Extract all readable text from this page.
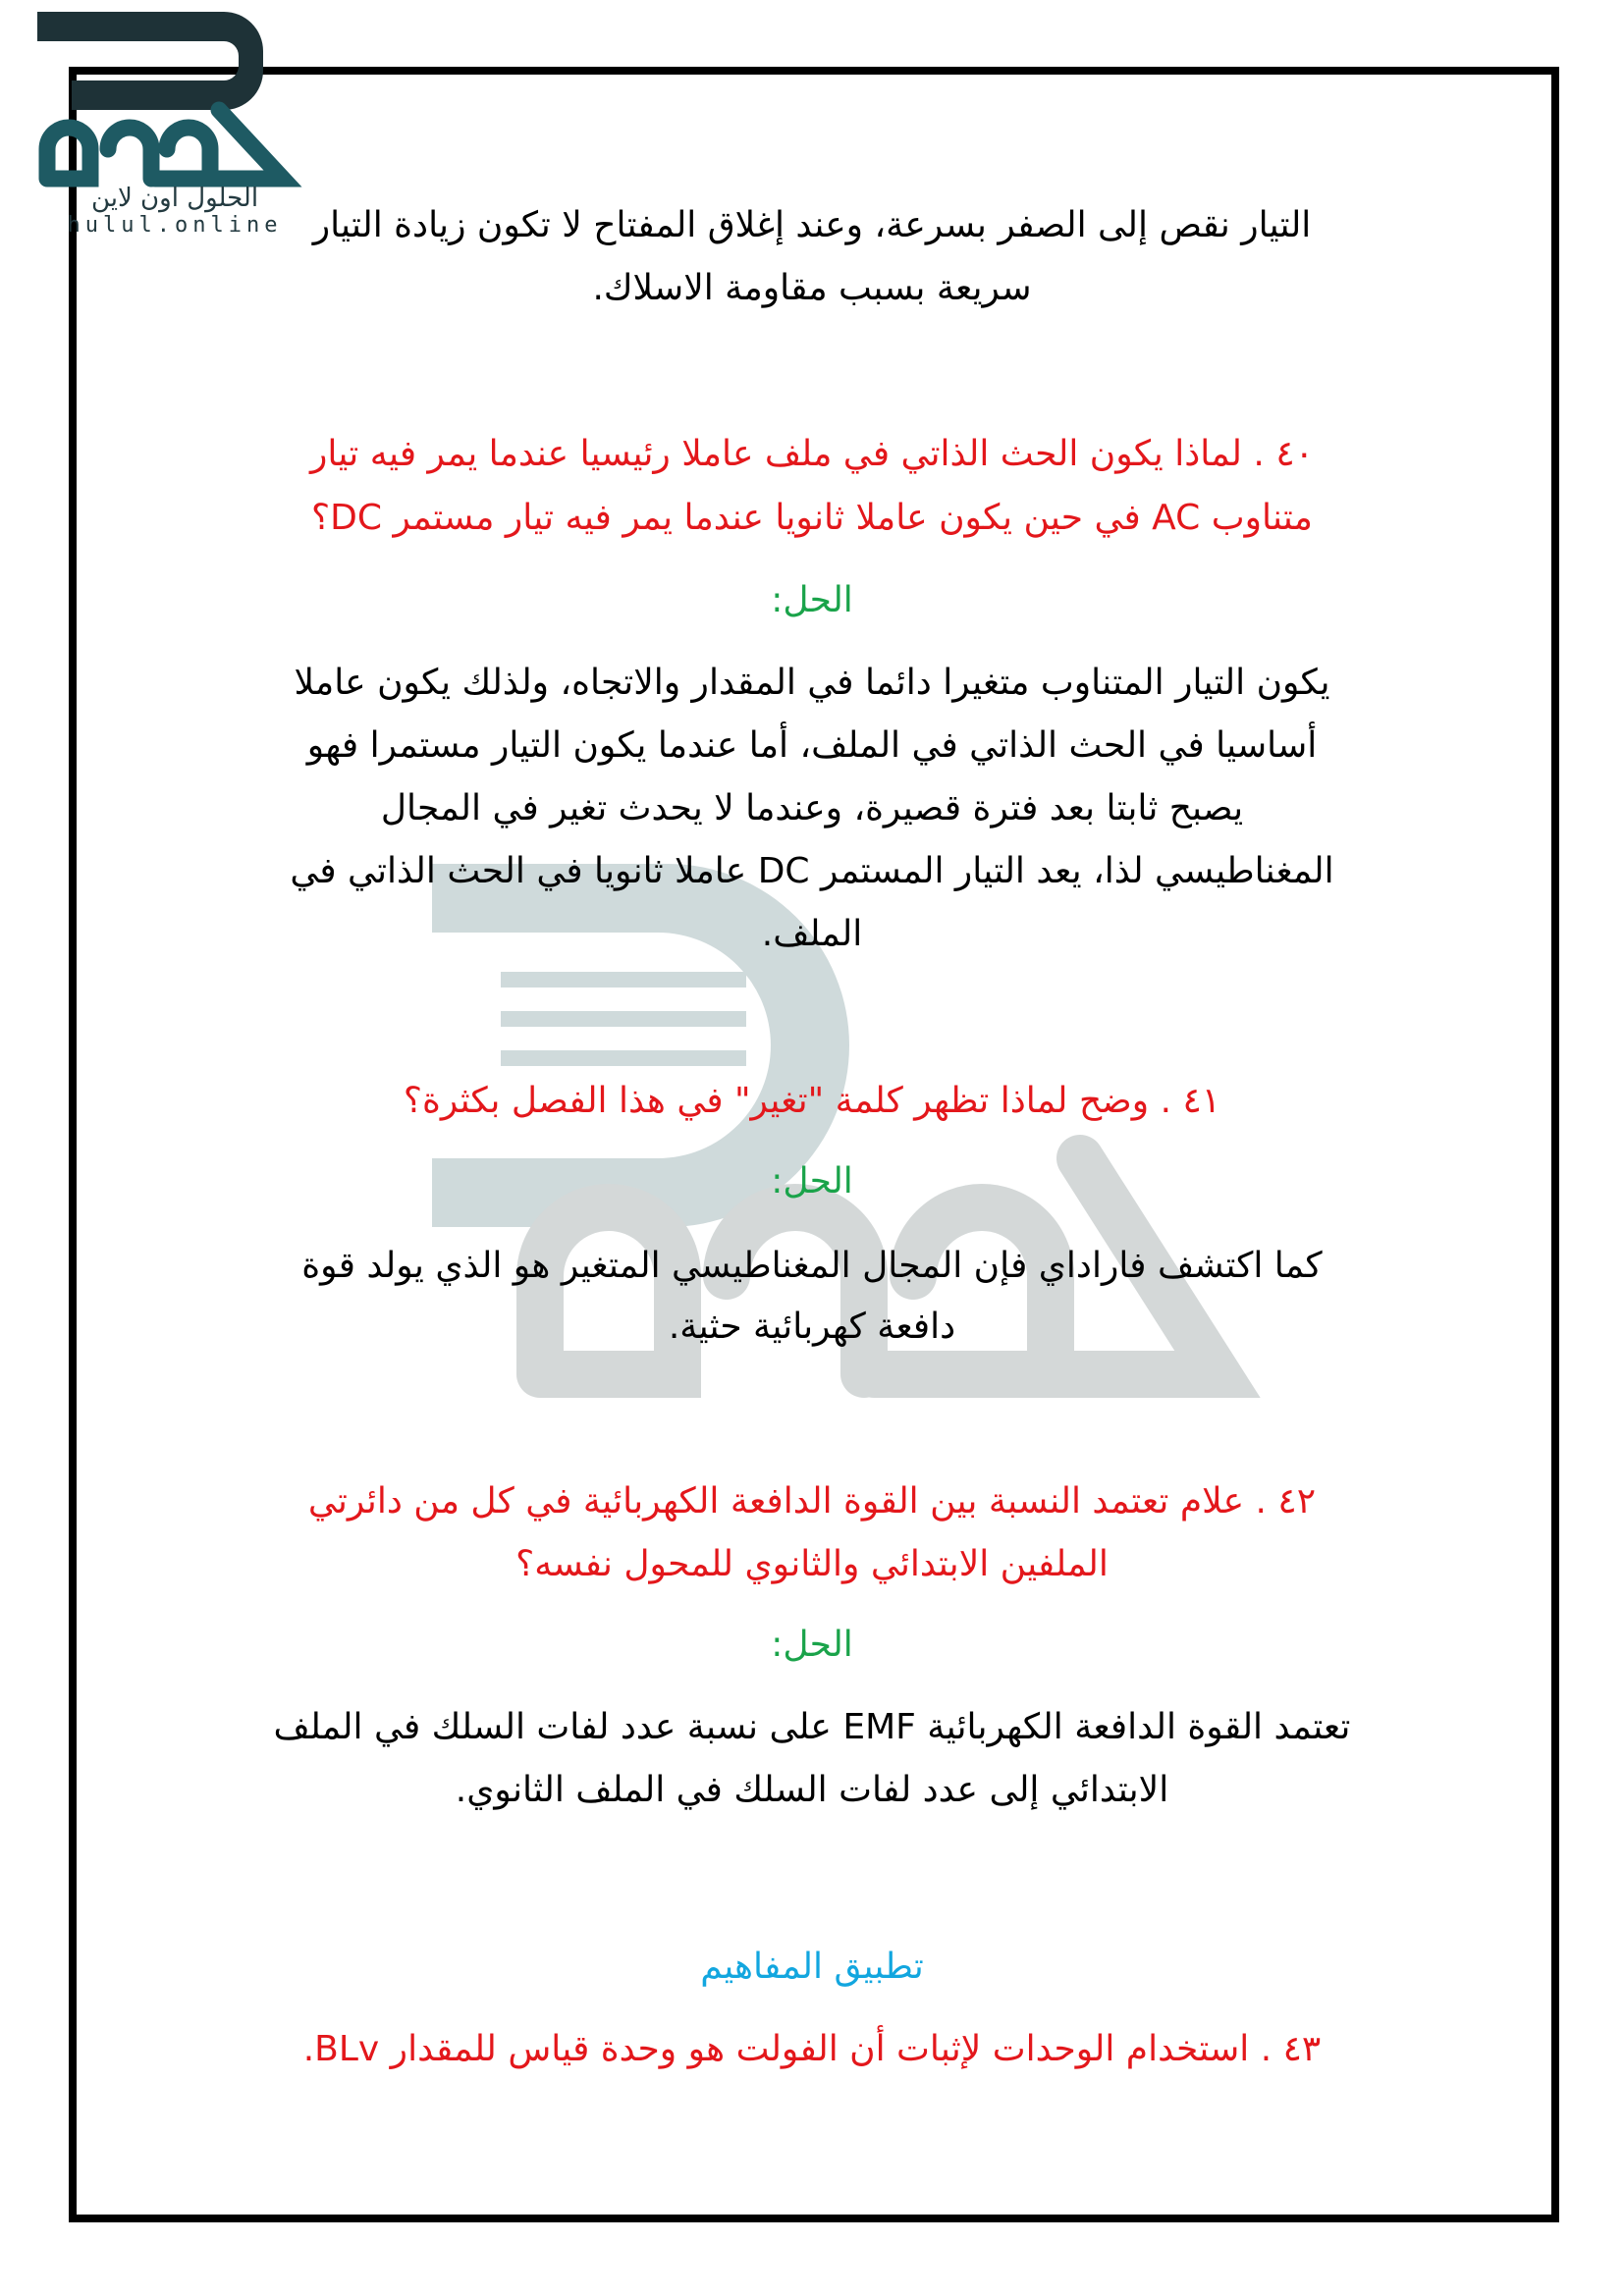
الحلول اون لاين
hulul.online التيار نقص إلى الصفر بسرعة، وعند إغلاق المفتاح لا تكون زيادة التيار
سريعة بسبب مقاومة الاسلاك.
٤٠ . لماذا يكون الحث الذاتي في ملف عاملا رئيسيا عندما يمر فيه تيار
متناوب AC في حين يكون عاملا ثانويا عندما يمر فيه تيار مستمر DC؟
الحل:
يكون التيار المتناوب متغيرا دائما في المقدار والاتجاه، ولذلك يكون عاملا
أساسيا في الحث الذاتي في الملف، أما عندما يكون التيار مستمرا فهو
يصبح ثابتا بعد فترة قصيرة، وعندما لا يحدث تغير في المجال
المغناطيسي لذا، يعد التيار المستمر DC عاملا ثانويا في الحث الذاتي في
الملف.
٤١ . وضح لماذا تظهر كلمة "تغير" في هذا الفصل بكثرة؟
الحل:
كما اكتشف فاراداي فإن المجال المغناطيسي المتغير هو الذي يولد قوة
دافعة كهربائية حثية.
٤٢ . علام تعتمد النسبة بين القوة الدافعة الكهربائية في كل من دائرتي
الملفين الابتدائي والثانوي للمحول نفسه؟
الحل:
تعتمد القوة الدافعة الكهربائية EMF على نسبة عدد لفات السلك في الملف
الابتدائي إلى عدد لفات السلك في الملف الثانوي.
تطبيق المفاهيم
٤٣ . استخدام الوحدات لإثبات أن الفولت هو وحدة قياس للمقدار BLv.
